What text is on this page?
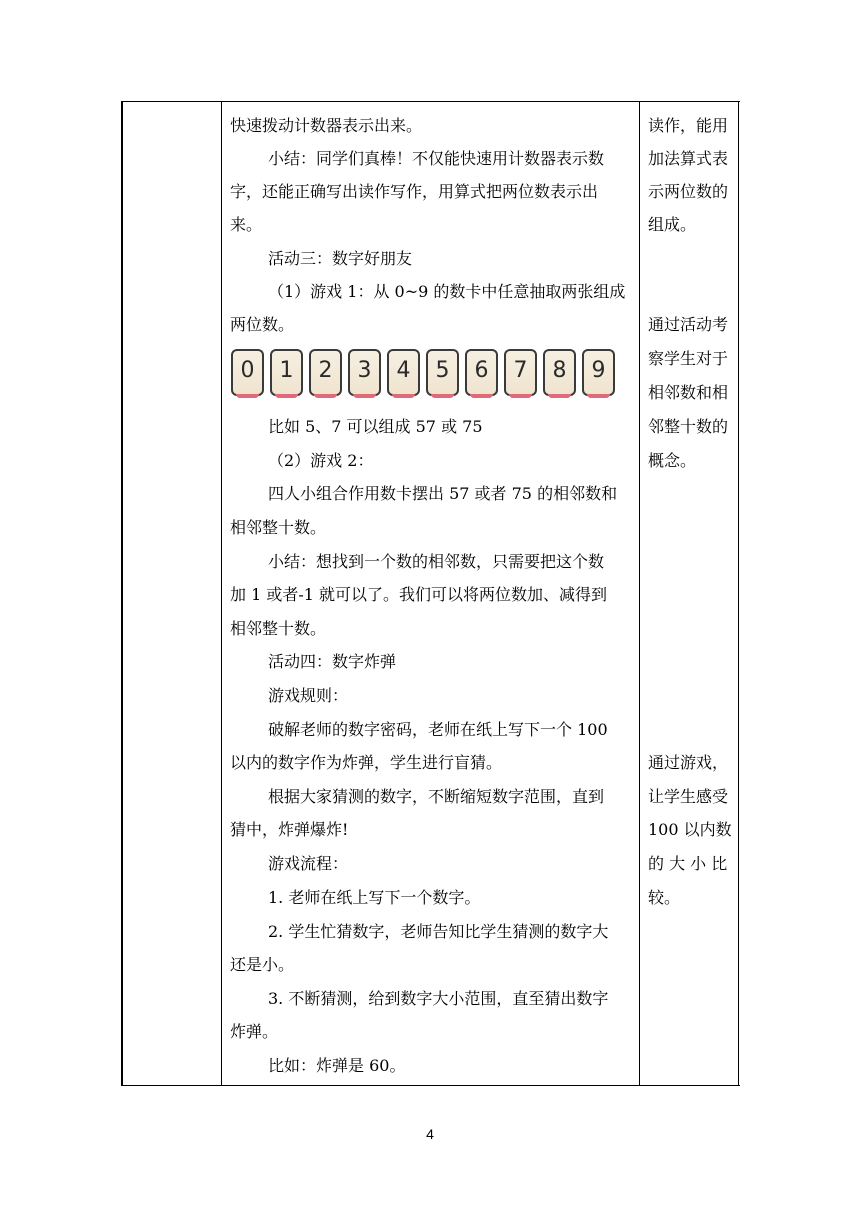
快速拨动计数器表示出来。
小结：同学们真棒！不仅能快速用计数器表示数
字，还能正确写出读作写作，用算式把两位数表示出
来。
活动三：数字好朋友
（1）游戏 1：从 0~9 的数卡中任意抽取两张组成
两位数。
比如 5、7 可以组成 57 或 75
（2）游戏 2：
四人小组合作用数卡摆出 57 或者 75 的相邻数和
相邻整十数。
小结：想找到一个数的相邻数，只需要把这个数
加 1 或者-1 就可以了。我们可以将两位数加、减得到
相邻整十数。
活动四：数字炸弹
游戏规则：
破解老师的数字密码，老师在纸上写下一个 100
以内的数字作为炸弹，学生进行盲猜。
根据大家猜测的数字，不断缩短数字范围，直到
猜中，炸弹爆炸!
游戏流程：
1. 老师在纸上写下一个数字。
2. 学生忙猜数字，老师告知比学生猜测的数字大
还是小。
3. 不断猜测，给到数字大小范围，直至猜出数字
炸弹。
比如：炸弹是 60。
读作，能用
加法算式表
示两位数的
组成。
通过活动考
察学生对于
相邻数和相
邻整十数的
概念。
通过游戏，
让学生感受
100 以内数
的 大 小 比
较。
0	1	2	3	4	5	6	7	8	9
4
